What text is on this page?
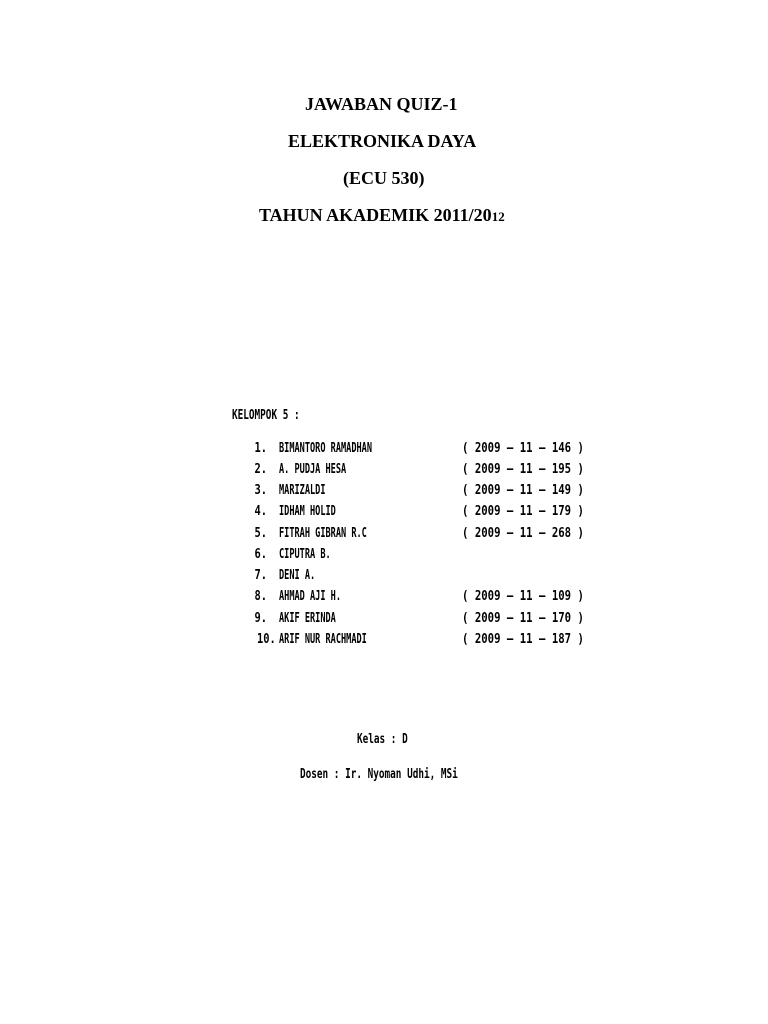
JAWABAN QUIZ-1
ELEKTRONIKA DAYA
(ECU 530)
TAHUN AKADEMIK 2011/2012
KELOMPOK 5 :
1. BIMANTORO RAMADHAN	( 2009 – 11 – 146 )
2. A. PUDJA HESA	( 2009 – 11 – 195 )
3. MARIZALDI	( 2009 – 11 – 149 )
4. IDHAM HOLID	( 2009 – 11 – 179 )
5. FITRAH GIBRAN R.C	( 2009 – 11 – 268 )
6. CIPUTRA B.
7. DENI A.
8. AHMAD AJI H.	( 2009 – 11 – 109 )
9. AKIF ERINDA	( 2009 – 11 – 170 )
10. ARIF NUR RACHMADI	( 2009 – 11 – 187 )
Kelas : D
Dosen : Ir. Nyoman Udhi, MSi
